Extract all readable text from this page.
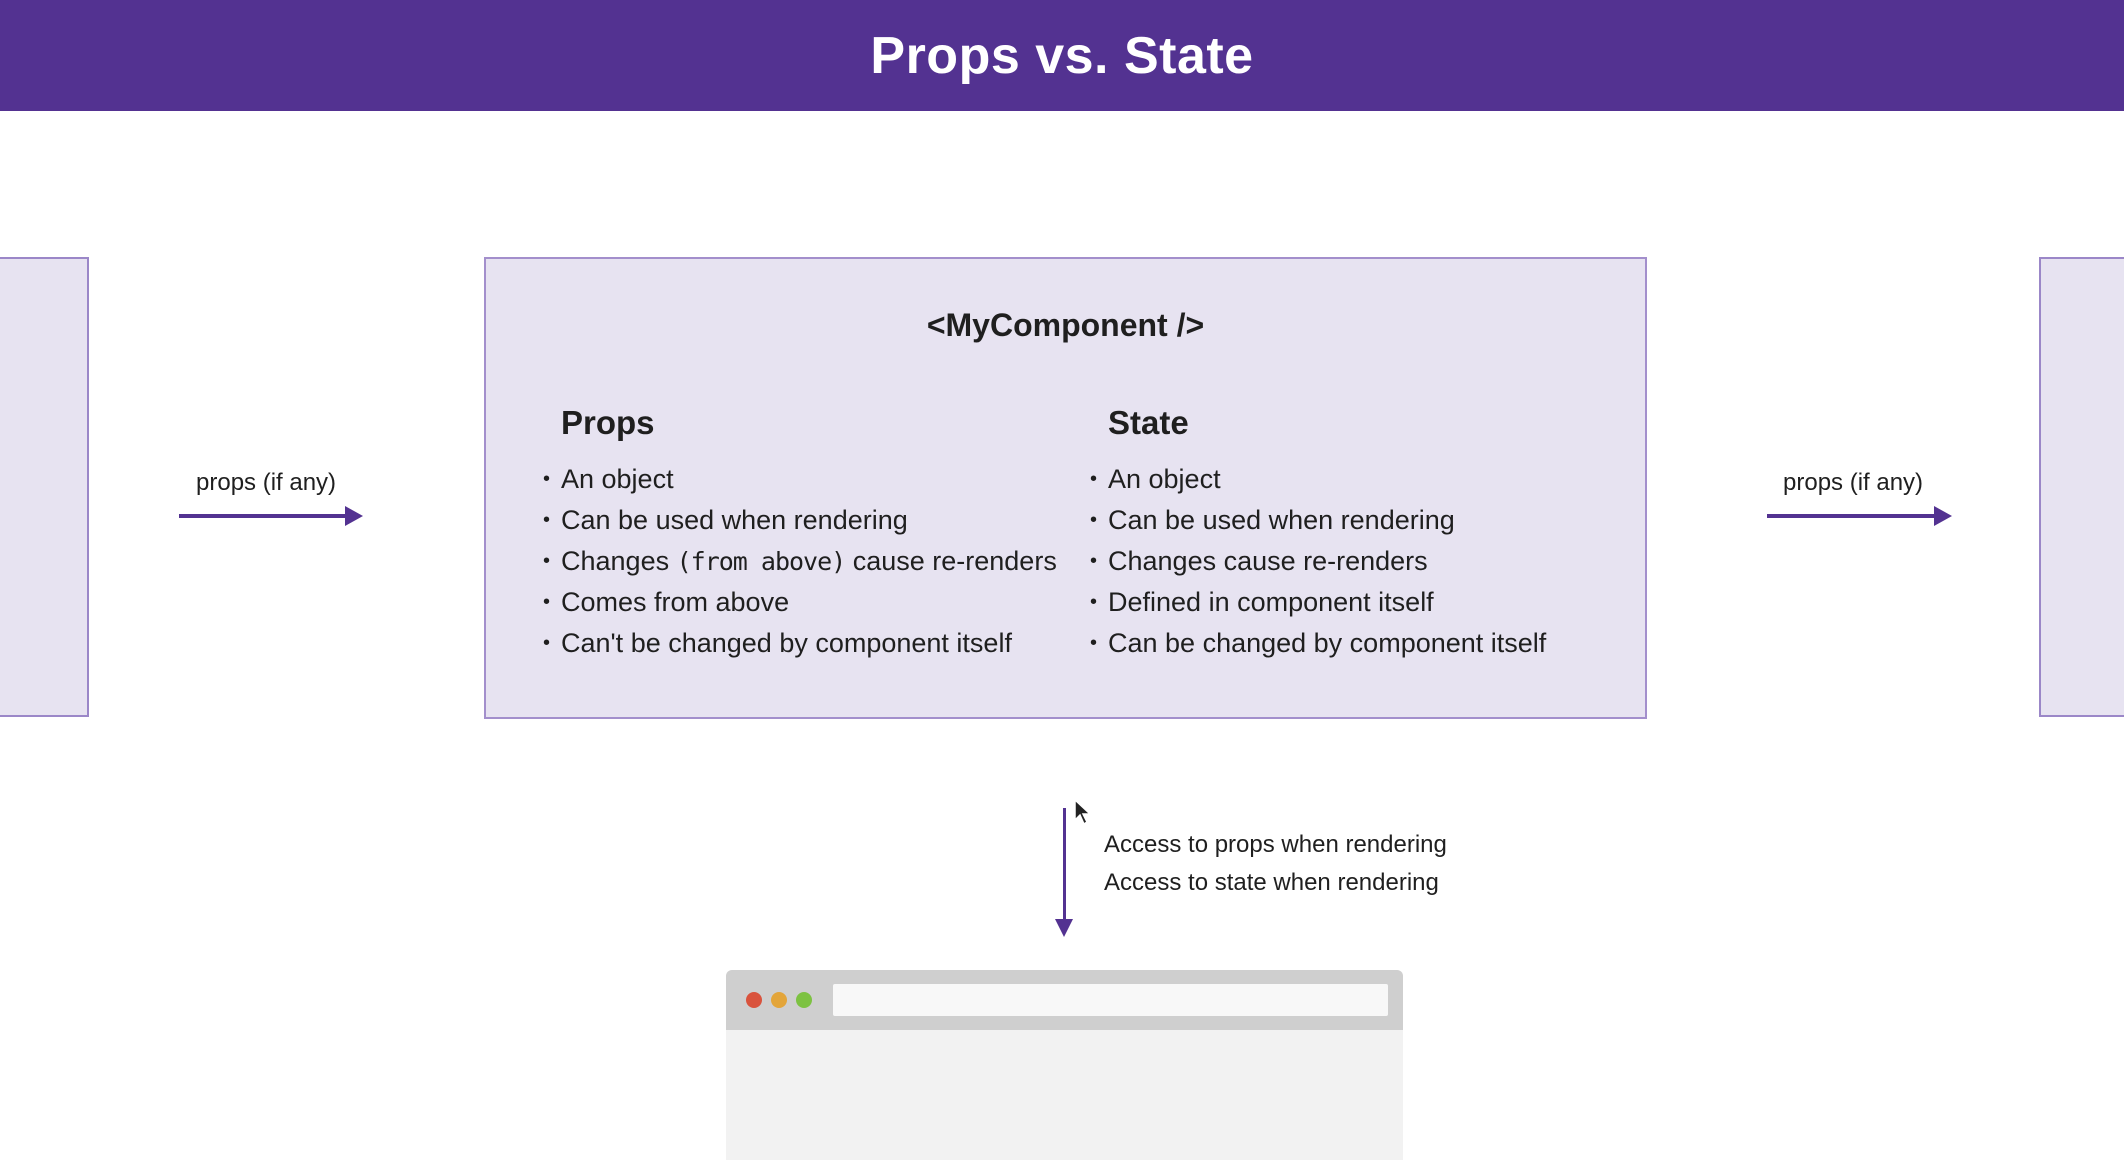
Props vs. State
props (if any)	props (if any)

<MyComponent />

Props
• An object
• Can be used when rendering
• Changes (from above) cause re-renders
• Comes from above
• Can't be changed by component itself
State
• An object
• Can be used when rendering
• Changes cause re-renders
• Defined in component itself
• Can be changed by component itself
Access to props when rendering
Access to state when rendering
